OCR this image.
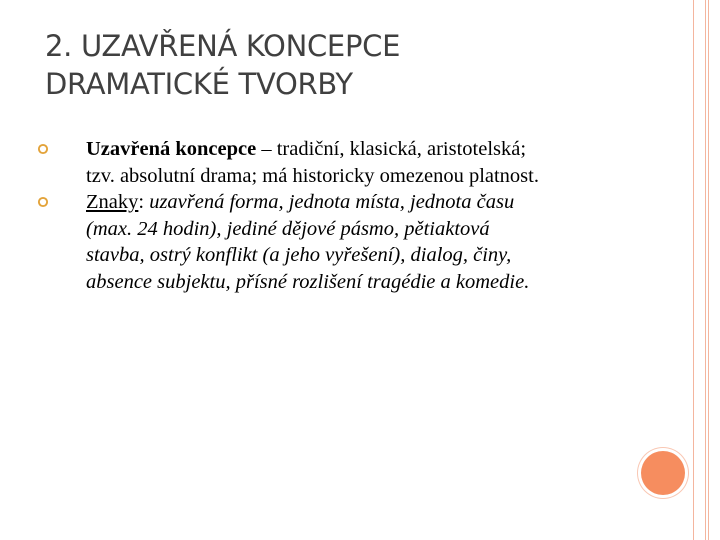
2. UZAVŘENÁ KONCEPCE
DRAMATICKÉ TVORBY
Uzavřená koncepce – tradiční, klasická, aristotelská;
tzv. absolutní drama; má historicky omezenou platnost.
Znaky: uzavřená forma, jednota místa, jednota času
(max. 24 hodin), jediné dějové pásmo, pětiaktová
stavba, ostrý konflikt (a jeho vyřešení), dialog, činy,
absence subjektu, přísné rozlišení tragédie a komedie.
